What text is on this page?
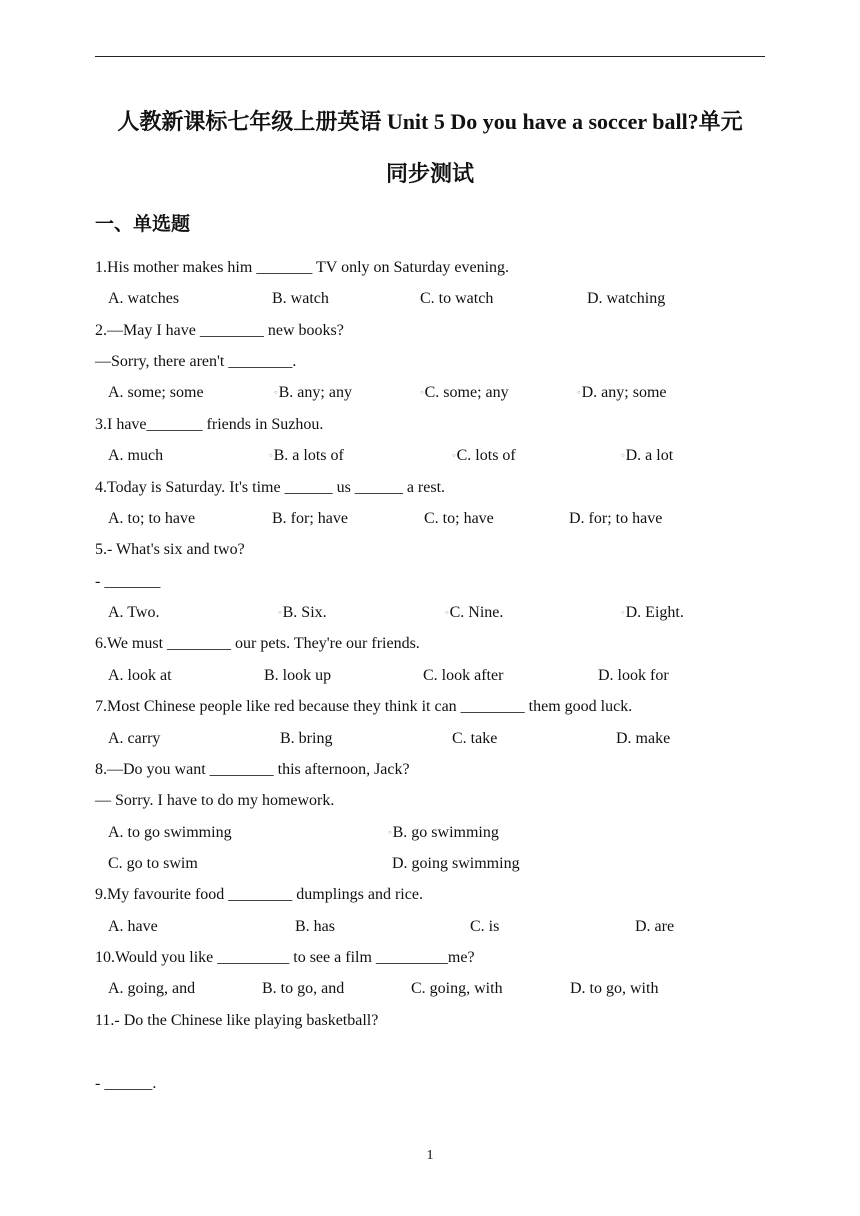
人教新课标七年级上册英语 Unit 5 Do you have a soccer ball?单元
同步测试
一、单选题
1.His mother makes him _______ TV only on Saturday evening.
A. watches	B. watch	C. to watch	D. watching
2.—May I have ________ new books?
—Sorry, there aren't ________.
A. some; some	○B. any; any	○C. some; any	○D. any; some
3.I have_______ friends in Suzhou.
A. much	○B. a lots of	○C. lots of	○D. a lot
4.Today is Saturday. It's time ______ us ______ a rest.
A. to; to have	B. for; have	C. to; have	D. for; to have
5.- What's six and two?
- _______
A. Two.	○B. Six.	○C. Nine.	○D. Eight.
6.We must ________ our pets. They're our friends.
A. look at	B. look up	C. look after	D. look for
7.Most Chinese people like red because they think it can ________ them good luck.
A. carry	B. bring	C. take	D. make
8.—Do you want ________ this afternoon, Jack?
— Sorry. I have to do my homework.
A. to go swimming	○B. go swimming
C. go to swim	D. going swimming
9.My favourite food ________ dumplings and rice.
A. have	B. has	C. is	D. are
10.Would you like _________ to see a film _________me?
A. going, and	B. to go, and	C. going, with	D. to go, with
11.- Do the Chinese like playing basketball?
- ______.
1
